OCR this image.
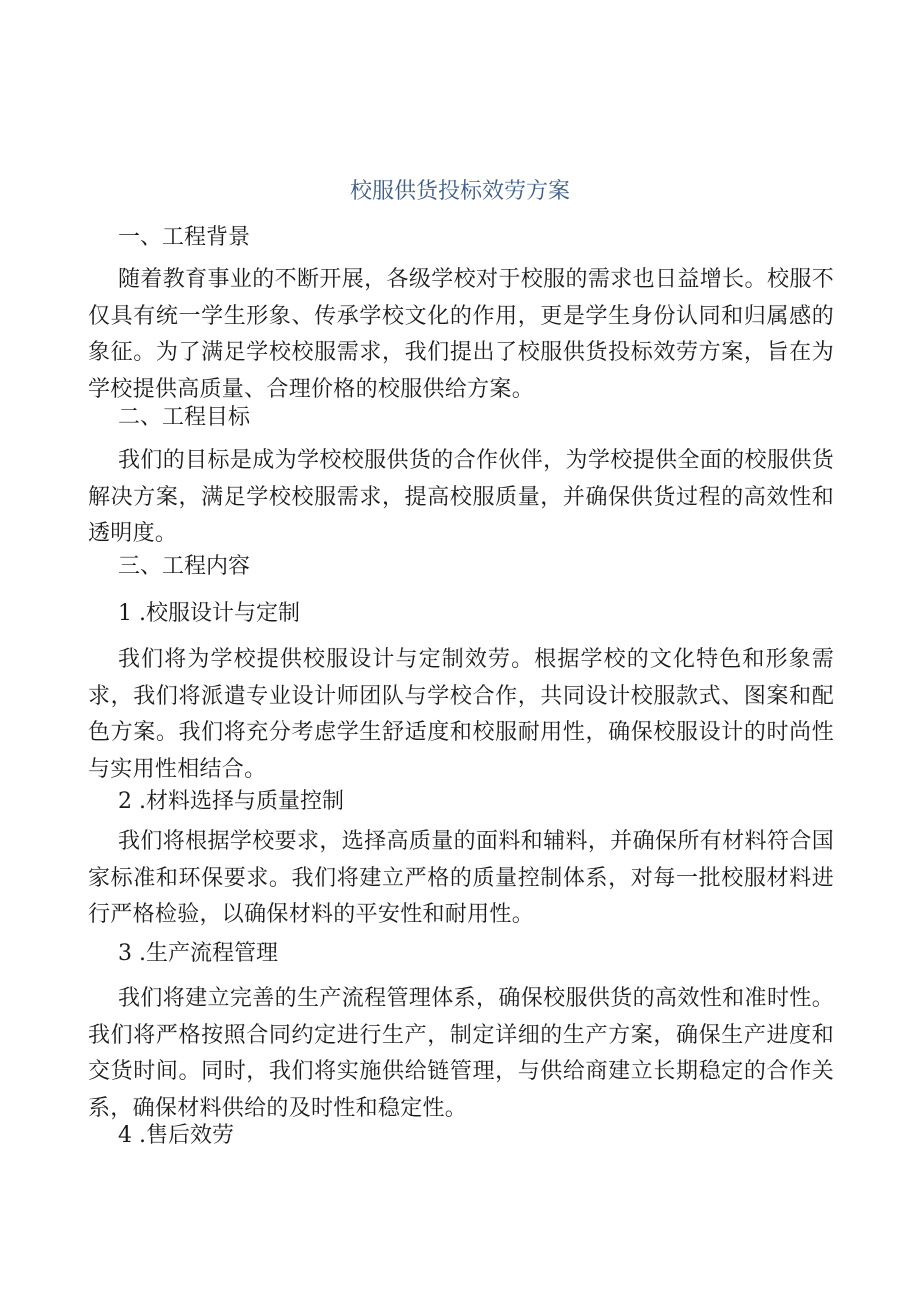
校服供货投标效劳方案
一、工程背景
随着教育事业的不断开展，各级学校对于校服的需求也日益增长。校服不仅具有统一学生形象、传承学校文化的作用，更是学生身份认同和归属感的象征。为了满足学校校服需求，我们提出了校服供货投标效劳方案，旨在为学校提供高质量、合理价格的校服供给方案。
二、工程目标
我们的目标是成为学校校服供货的合作伙伴，为学校提供全面的校服供货解决方案，满足学校校服需求，提高校服质量，并确保供货过程的高效性和透明度。
三、工程内容
1 .校服设计与定制
我们将为学校提供校服设计与定制效劳。根据学校的文化特色和形象需求，我们将派遣专业设计师团队与学校合作，共同设计校服款式、图案和配色方案。我们将充分考虑学生舒适度和校服耐用性，确保校服设计的时尚性与实用性相结合。
2 .材料选择与质量控制
我们将根据学校要求，选择高质量的面料和辅料，并确保所有材料符合国家标准和环保要求。我们将建立严格的质量控制体系，对每一批校服材料进行严格检验，以确保材料的平安性和耐用性。
3 .生产流程管理
我们将建立完善的生产流程管理体系，确保校服供货的高效性和准时性。我们将严格按照合同约定进行生产，制定详细的生产方案，确保生产进度和交货时间。同时，我们将实施供给链管理，与供给商建立长期稳定的合作关系，确保材料供给的及时性和稳定性。
4 .售后效劳
